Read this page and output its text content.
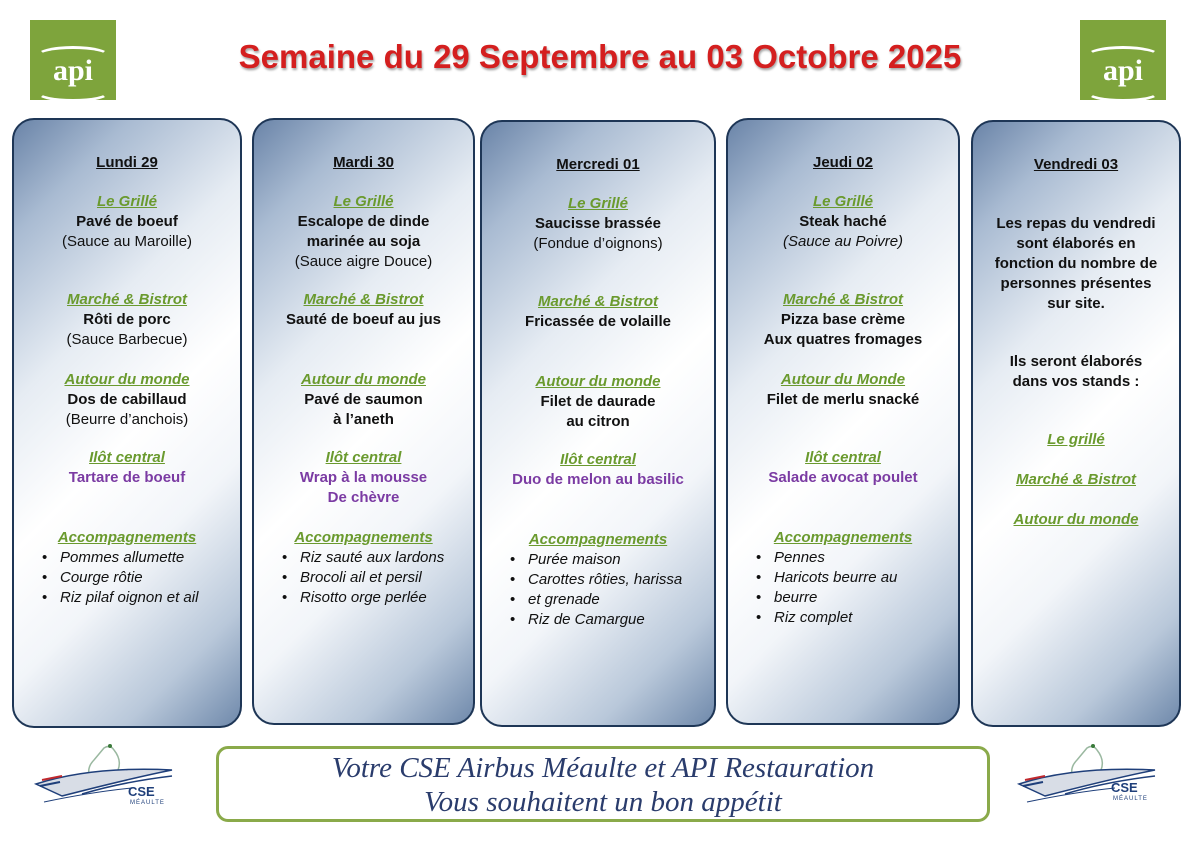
api	api
Semaine du 29 Septembre au 03 Octobre 2025
Lundi 29
Le Grillé
Pavé de boeuf
(Sauce au Maroille)
Marché & Bistrot
Rôti de porc
(Sauce Barbecue)
Autour du monde
Dos de cabillaud
(Beurre d’anchois)
Ilôt central
Tartare de boeuf
Accompagnements
• Pommes allumette
• Courge rôtie
• Riz pilaf oignon et ail
Mardi 30
Le Grillé
Escalope de dinde
marinée au soja
(Sauce aigre Douce)
Marché & Bistrot
Sauté de boeuf au jus
Autour du monde
Pavé de saumon
à l’aneth
Ilôt central
Wrap à la mousse
De chèvre
Accompagnements
• Riz sauté aux lardons
• Brocoli ail et persil
• Risotto orge perlée
Mercredi 01
Le Grillé
Saucisse brassée
(Fondue d’oignons)
Marché & Bistrot
Fricassée de volaille
Autour du monde
Filet de daurade
au citron
Ilôt central
Duo de melon au basilic
Accompagnements
• Purée maison
• Carottes rôties, harissa
• et grenade
• Riz de Camargue
Jeudi 02
Le Grillé
Steak haché
(Sauce au Poivre)
Marché & Bistrot
Pizza base crème
Aux quatres fromages
Autour du Monde
Filet de merlu snacké
Ilôt central
Salade avocat poulet
Accompagnements
• Pennes
• Haricots beurre au
• beurre
• Riz complet
Vendredi 03
Les repas du vendredi
sont élaborés en
fonction du nombre de
personnes présentes
sur site.
Ils seront élaborés
dans vos stands :
Le grillé
Marché & Bistrot
Autour du monde
CSE
MÉAULTE
CSE
MÉAULTE
Votre CSE Airbus Méaulte et API Restauration
Vous souhaitent un bon appétit
